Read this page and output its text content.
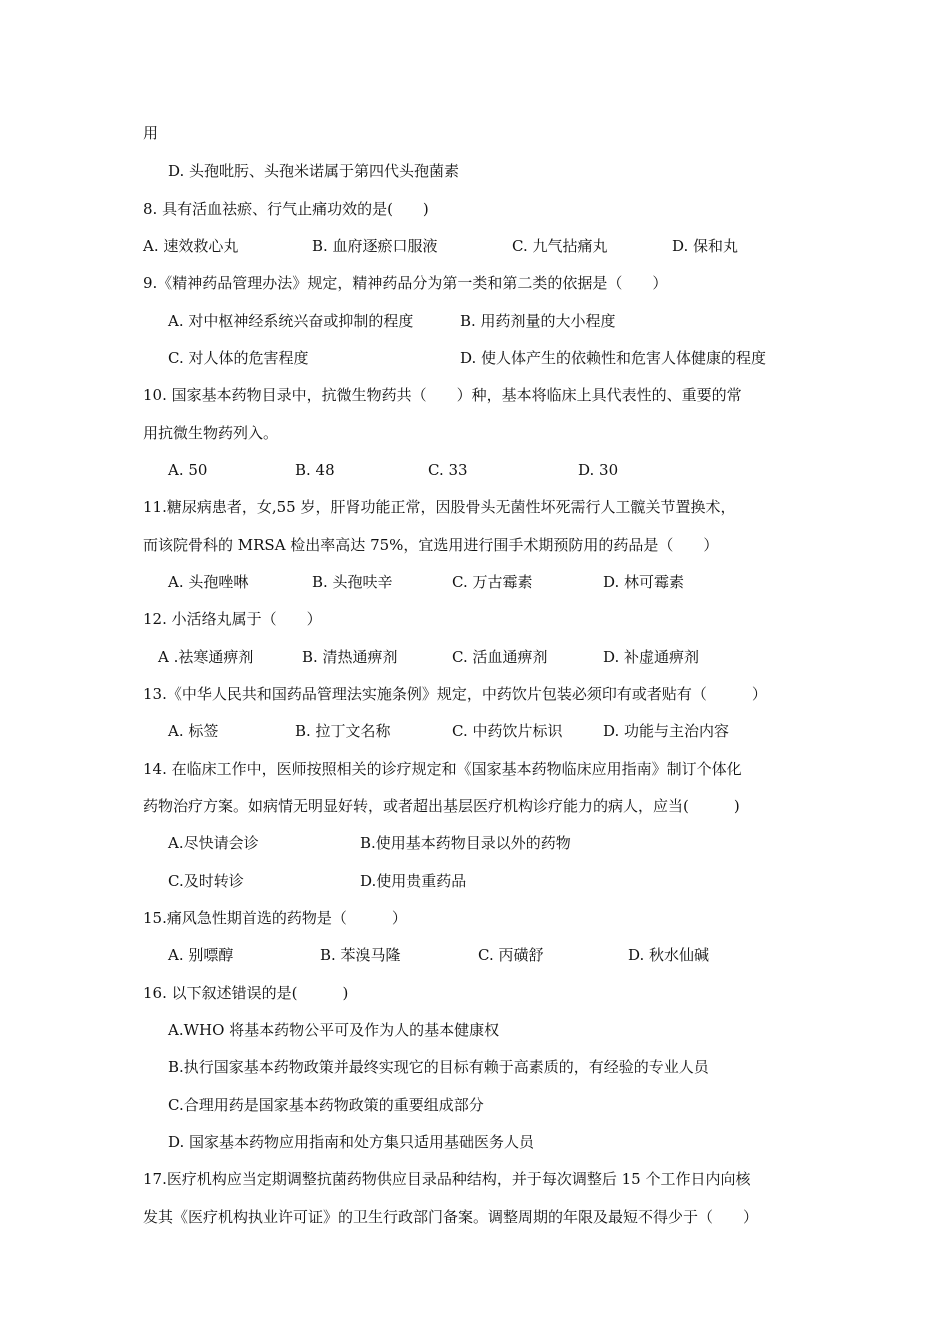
用
D. 头孢吡肟、头孢米诺属于第四代头孢菌素
8. 具有活血祛瘀、行气止痛功效的是(　　)
A. 速效救心丸	B. 血府逐瘀口服液	C. 九气拈痛丸	D. 保和丸
9.《精神药品管理办法》规定，精神药品分为第一类和第二类的依据是（　　）
A. 对中枢神经系统兴奋或抑制的程度	B. 用药剂量的大小程度
C. 对人体的危害程度	D. 使人体产生的依赖性和危害人体健康的程度
10. 国家基本药物目录中，抗微生物药共（　　）种，基本将临床上具代表性的、重要的常
用抗微生物药列入。
A. 50	B. 48	C. 33	D. 30
11.糖尿病患者，女,55 岁，肝肾功能正常，因股骨头无菌性坏死需行人工髋关节置换术，
而该院骨科的 MRSA 检出率高达 75%，宜选用进行围手术期预防用的药品是（　　）
A. 头孢唑啉	B. 头孢呋辛	C. 万古霉素	D. 林可霉素
12. 小活络丸属于（　　）
A .祛寒通痹剂	B. 清热通痹剂	C. 活血通痹剂	D. 补虚通痹剂
13.《中华人民共和国药品管理法实施条例》规定，中药饮片包装必须印有或者贴有（　　　）
A. 标签	B. 拉丁文名称	C. 中药饮片标识	D. 功能与主治内容
14. 在临床工作中，医师按照相关的诊疗规定和《国家基本药物临床应用指南》制订个体化
药物治疗方案。如病情无明显好转，或者超出基层医疗机构诊疗能力的病人，应当(　　　)
A.尽快请会诊	B.使用基本药物目录以外的药物
C.及时转诊	D.使用贵重药品
15.痛风急性期首选的药物是（　　　）
A. 别嘌醇	B. 苯溴马隆	C. 丙磺舒	D. 秋水仙碱
16. 以下叙述错误的是(　　　)
A.WHO 将基本药物公平可及作为人的基本健康权
B.执行国家基本药物政策并最终实现它的目标有赖于高素质的，有经验的专业人员
C.合理用药是国家基本药物政策的重要组成部分
D. 国家基本药物应用指南和处方集只适用基础医务人员
17.医疗机构应当定期调整抗菌药物供应目录品种结构，并于每次调整后 15 个工作日内向核
发其《医疗机构执业许可证》的卫生行政部门备案。调整周期的年限及最短不得少于（　　）
